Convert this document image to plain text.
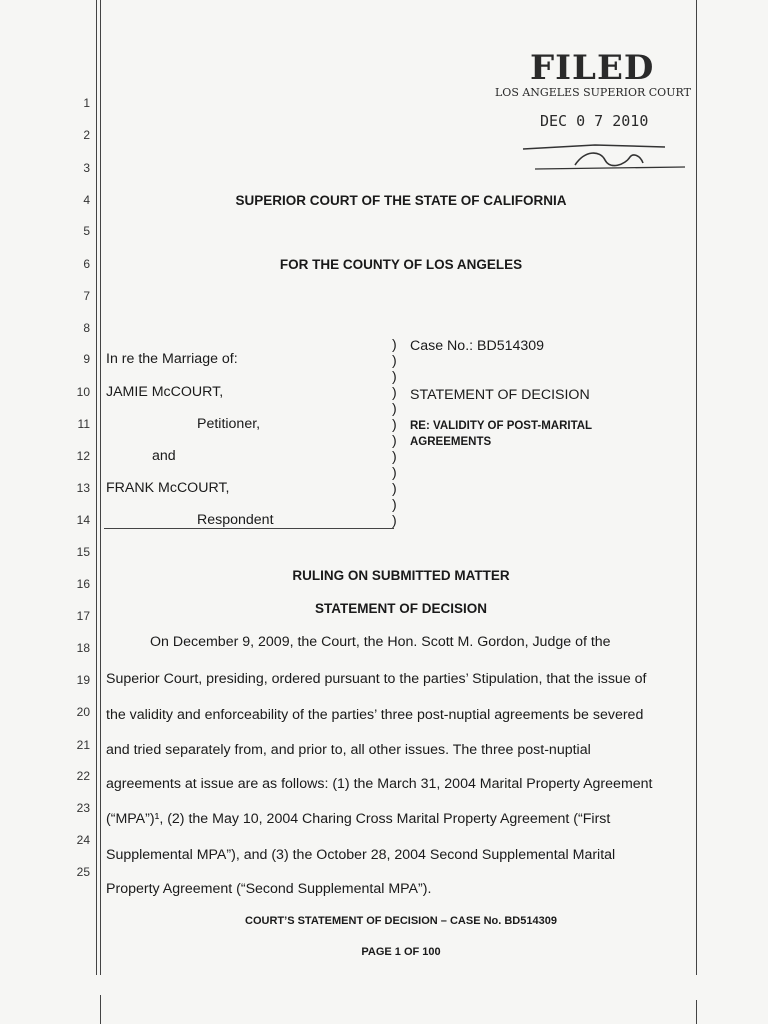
FILED
LOS ANGELES SUPERIOR COURT
DEC 0 7 2010
1
2
3
4
5
6
7
8
9
10
11
12
13
14
15
16
17
18
19
20
21
22
23
24
25
SUPERIOR COURT OF THE STATE OF CALIFORNIA
FOR THE COUNTY OF LOS ANGELES
In re the Marriage of:
JAMIE McCOURT,
Petitioner,
and
FRANK McCOURT,
Respondent
)
)
)
)
)
)
)
)
)
)
)
)
Case No.: BD514309
STATEMENT OF DECISION
RE: VALIDITY OF POST-MARITAL
AGREEMENTS
RULING ON SUBMITTED MATTER
STATEMENT OF DECISION
On December 9, 2009, the Court, the Hon. Scott M. Gordon, Judge of the
Superior Court, presiding, ordered pursuant to the parties’ Stipulation, that the issue of
the validity and enforceability of the parties’ three post-nuptial agreements be severed
and tried separately from, and prior to, all other issues. The three post-nuptial
agreements at issue are as follows: (1) the March 31, 2004 Marital Property Agreement
(“MPA”)¹, (2) the May 10, 2004 Charing Cross Marital Property Agreement (“First
Supplemental MPA”), and (3) the October 28, 2004 Second Supplemental Marital
Property Agreement (“Second Supplemental MPA”).
COURT’S STATEMENT OF DECISION – CASE No. BD514309
PAGE 1 OF 100
